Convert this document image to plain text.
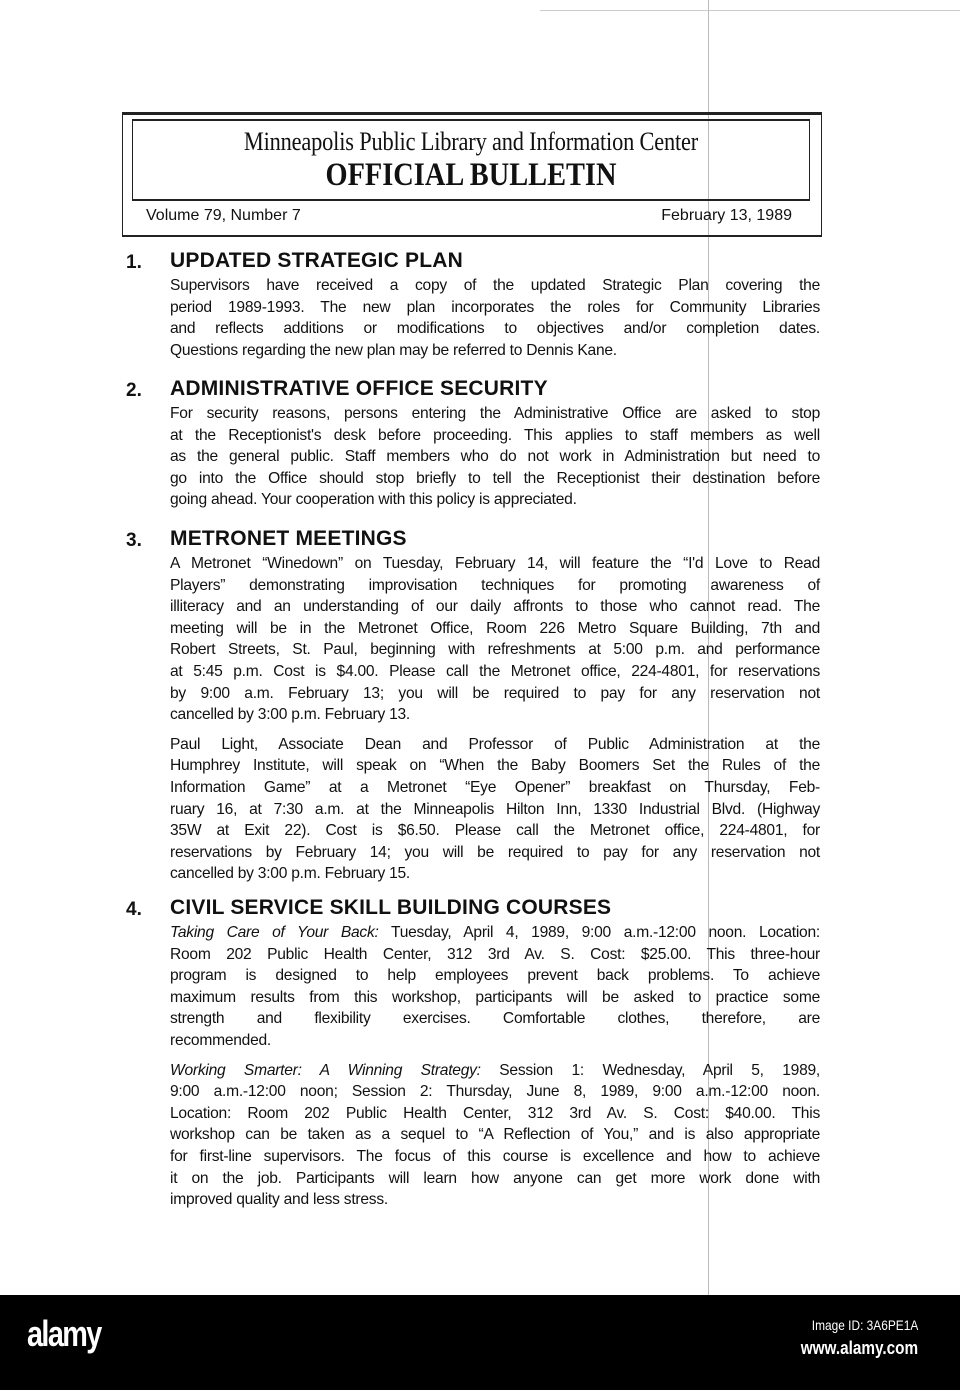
Minneapolis Public Library and Information Center
OFFICIAL BULLETIN
Volume 79, Number 7	February 13, 1989
1. UPDATED STRATEGIC PLAN
Supervisors have received a copy of the updated Strategic Plan covering the
period 1989-1993. The new plan incorporates the roles for Community Libraries
and reflects additions or modifications to objectives and/or completion dates.
Questions regarding the new plan may be referred to Dennis Kane.
2. ADMINISTRATIVE OFFICE SECURITY
For security reasons, persons entering the Administrative Office are asked to stop
at the Receptionist's desk before proceeding. This applies to staff members as well
as the general public. Staff members who do not work in Administration but need to
go into the Office should stop briefly to tell the Receptionist their destination before
going ahead. Your cooperation with this policy is appreciated.
3. METRONET MEETINGS
A Metronet “Winedown” on Tuesday, February 14, will feature the “I'd Love to Read
Players” demonstrating improvisation techniques for promoting awareness of
illiteracy and an understanding of our daily affronts to those who cannot read. The
meeting will be in the Metronet Office, Room 226 Metro Square Building, 7th and
Robert Streets, St. Paul, beginning with refreshments at 5:00 p.m. and performance
at 5:45 p.m. Cost is $4.00. Please call the Metronet office, 224-4801, for reservations
by 9:00 a.m. February 13; you will be required to pay for any reservation not
cancelled by 3:00 p.m. February 13.
Paul Light, Associate Dean and Professor of Public Administration at the
Humphrey Institute, will speak on “When the Baby Boomers Set the Rules of the
Information Game” at a Metronet “Eye Opener” breakfast on Thursday, Feb-
ruary 16, at 7:30 a.m. at the Minneapolis Hilton Inn, 1330 Industrial Blvd. (Highway
35W at Exit 22). Cost is $6.50. Please call the Metronet office, 224-4801, for
reservations by February 14; you will be required to pay for any reservation not
cancelled by 3:00 p.m. February 15.
4. CIVIL SERVICE SKILL BUILDING COURSES
Taking Care of Your Back: Tuesday, April 4, 1989, 9:00 a.m.-12:00 noon. Location:
Room 202 Public Health Center, 312 3rd Av. S. Cost: $25.00. This three-hour
program is designed to help employees prevent back problems. To achieve
maximum results from this workshop, participants will be asked to practice some
strength and flexibility exercises. Comfortable clothes, therefore, are
recommended.
Working Smarter: A Winning Strategy: Session 1: Wednesday, April 5, 1989,
9:00 a.m.-12:00 noon; Session 2: Thursday, June 8, 1989, 9:00 a.m.-12:00 noon.
Location: Room 202 Public Health Center, 312 3rd Av. S. Cost: $40.00. This
workshop can be taken as a sequel to “A Reflection of You,” and is also appropriate
for first-line supervisors. The focus of this course is excellence and how to achieve
it on the job. Participants will learn how anyone can get more work done with
improved quality and less stress.
alamy	Image ID: 3A6PE1A
www.alamy.com
